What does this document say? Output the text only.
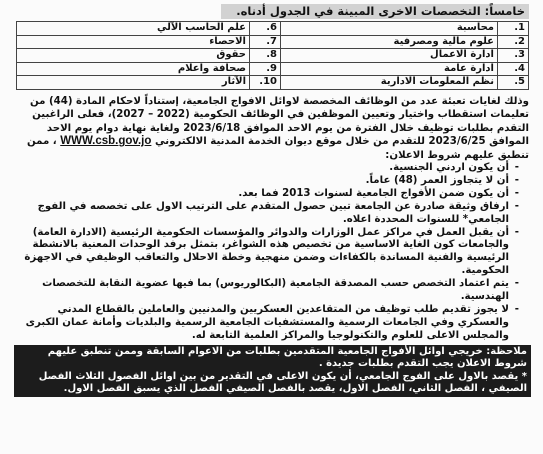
خامساً: التخصصات الاخرى المبينة في الجدول أدناه.
1.	محاسبة	6.	علم الحاسب الآلي
2.	علوم مالية ومصرفية	7.	الاحصاء
3.	ادارة الاعمال	8.	حقوق
4.	ادارة عامة	9.	صحافة واعلام
5.	نظم المعلومات الادارية	10.	الآثار

وذلك لغايات تعبئة عدد من الوظائف المخصصة لاوائل الافواج الجامعية، إستناداً لاحكام المادة (44) من تعليمات استقطاب واختيار وتعيين الموظفين في الوظائف الحكومية (2022 – 2027)، فعلى الراغبين التقدم بطلبات توظيف خلال الفترة من يوم الاحد الموافق 2023/6/18 ولغاية نهاية دوام يوم الاحد الموافق 2023/6/25 للتقدم من خلال موقع ديوان الخدمة المدنية الالكتروني WWW.csb.gov.jo ، ممن تنطبق عليهم شروط الاعلان:

- أن يكون اردني الجنسية.
- أن لا يتجاوز العمر (48) عاماً.
- أن يكون ضمن الأفواج الجامعية لسنوات 2013 فما بعد.
- ارفاق وثيقة صادرة عن الجامعة تبين حصول المتقدم على الترتيب الاول على تخصصه في الفوج الجامعي* للسنوات المحددة اعلاه.
- أن يقبل العمل في مراكز عمل الوزارات والدوائر والمؤسسات الحكومية الرئيسية (الادارة العامة) والجامعات كون الغاية الاساسية من تخصيص هذه الشواغر، بتمثل برفد الوحدات المعنية بالانشطة الرئيسية والفنية المساندة بالكفاءات وضمن منهجية وخطة الاحلال والتعاقب الوظيفي في الاجهزة الحكومية.
- يتم اعتماد التخصص حسب المصدقة الجامعية (البكالوريوس) بما فيها عضوية النقابة للتخصصات الهندسية.
- لا يجوز تقديم طلب توظيف من المتقاعدين العسكريين والمدنيين والعاملين بالقطاع المدني والعسكري وفي الجامعات الرسمية والمستشفيات الجامعية الرسمية والبلديات وأمانة عمان الكبرى والمجلس الاعلى للعلوم والتكنولوجيا والمراكز العلمية التابعة له.

ملاحظة: خريجي اوائل الأفواج الجامعية المتقدمين بطلبات من الاعوام السابقة وممن تنطبق عليهم شروط الاعلان يجب التقدم بطلبات جديدة .

* يقصد بالاول على الفوج الجامعي، أن يكون الاعلى في التقدير من بين اوائل الفصول الثلاث الفصل الصيفي ، الفصل الثاني، الفصل الاول، يقصد بالفصل الصيفي الفصل الذي يسبق الفصل الاول.
